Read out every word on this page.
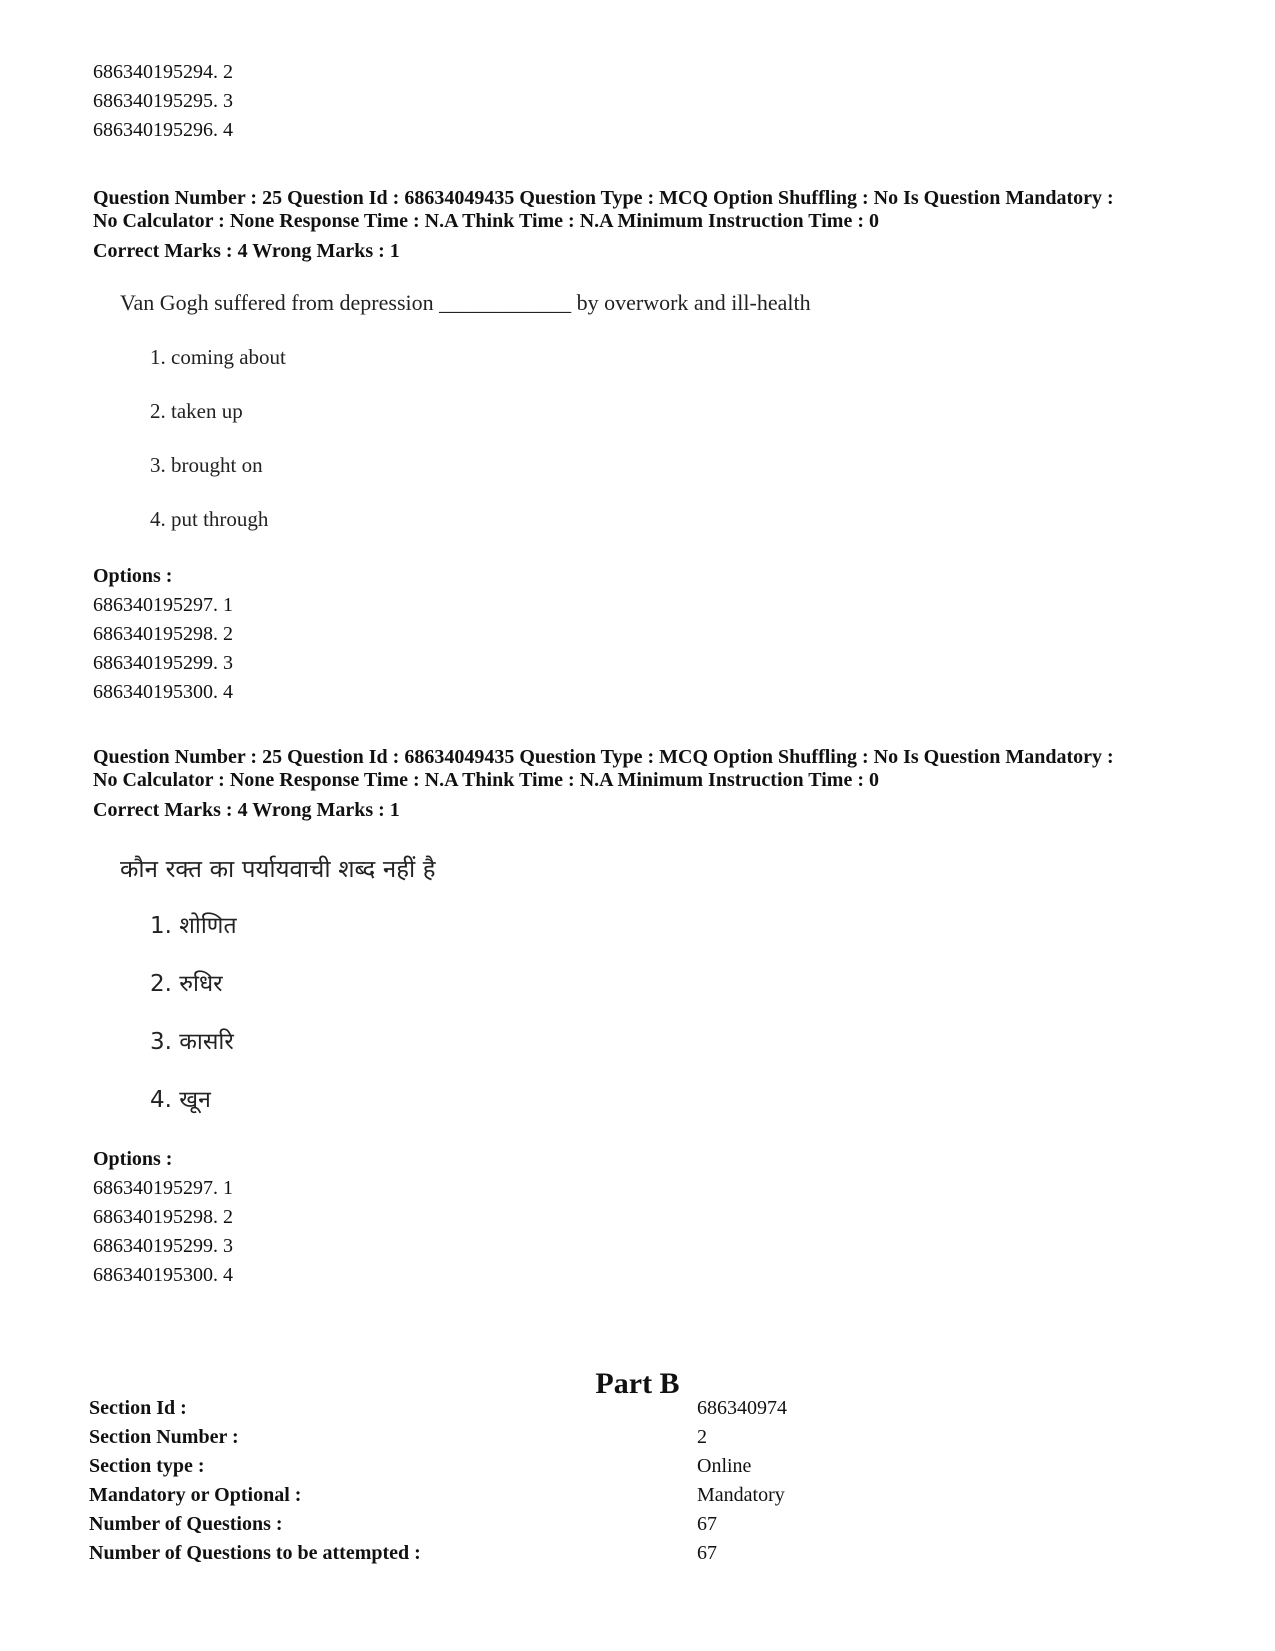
686340195294. 2
686340195295. 3
686340195296. 4
Question Number : 25 Question Id : 68634049435 Question Type : MCQ Option Shuffling : No Is Question Mandatory :
No Calculator : None Response Time : N.A Think Time : N.A Minimum Instruction Time : 0
Correct Marks : 4 Wrong Marks : 1
Van Gogh suffered from depression ____________ by overwork and ill-health
1. coming about
2. taken up
3. brought on
4. put through
Options :
686340195297. 1
686340195298. 2
686340195299. 3
686340195300. 4
Question Number : 25 Question Id : 68634049435 Question Type : MCQ Option Shuffling : No Is Question Mandatory :
No Calculator : None Response Time : N.A Think Time : N.A Minimum Instruction Time : 0
Correct Marks : 4 Wrong Marks : 1
कौन रक्त का पर्यायवाची शब्द नहीं है
1. शोणित
2. रुधिर
3. कासरि
4. खून
Options :
686340195297. 1
686340195298. 2
686340195299. 3
686340195300. 4
Part B
Section Id :	686340974
Section Number :	2
Section type :	Online
Mandatory or Optional :	Mandatory
Number of Questions :	67
Number of Questions to be attempted :	67
